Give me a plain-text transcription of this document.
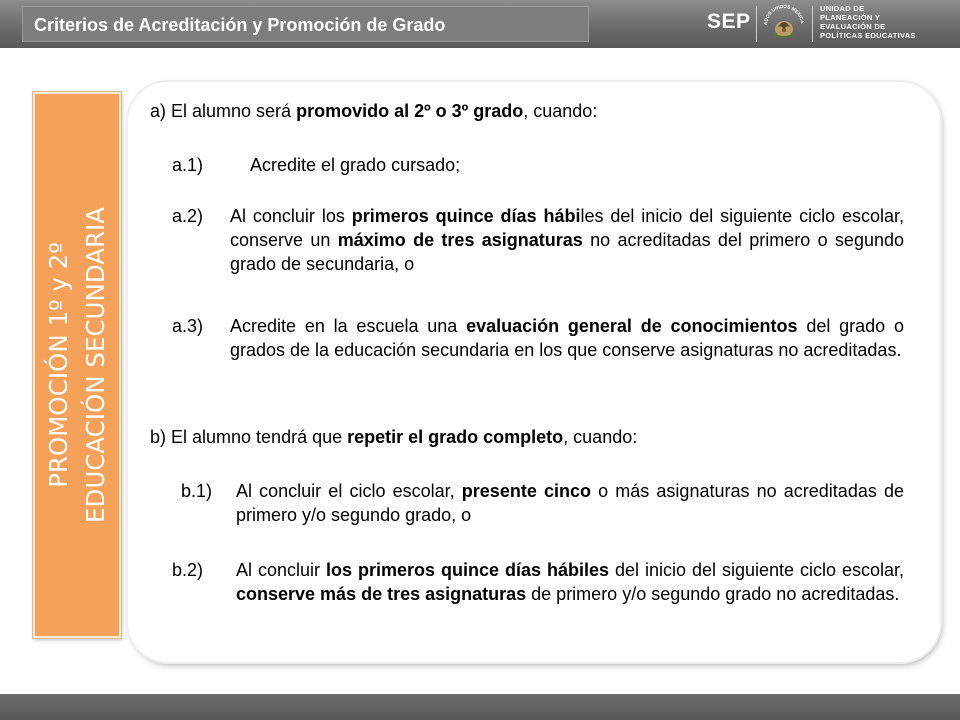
Criterios de Acreditación y Promoción de Grado	SEP	ADOS UNIDOS MEXICA
UNIDAD DE
PLANEACIÓN Y
EVALUACIÓN DE
POLÍTICAS EDUCATIVAS
PROMOCIÓN 1º y 2º EDUCACIÓN SECUNDARIA

a) El alumno será promovido al 2º o 3º grado, cuando:

a.1)	Acredite el grado cursado;

a.2) Al concluir los primeros quince días hábiles del inicio del siguiente ciclo escolar, conserve un máximo de tres asignaturas no acreditadas del primero o segundo grado de secundaria, o

a.3) Acredite en la escuela una evaluación general de conocimientos del grado o grados de la educación secundaria en los que conserve asignaturas no acreditadas.

b) El alumno tendrá que repetir el grado completo, cuando:

b.1) Al concluir el ciclo escolar, presente cinco o más asignaturas no acreditadas de primero y/o segundo grado, o

b.2) Al concluir los primeros quince días hábiles del inicio del siguiente ciclo escolar, conserve más de tres asignaturas de primero y/o segundo grado no acreditadas.
